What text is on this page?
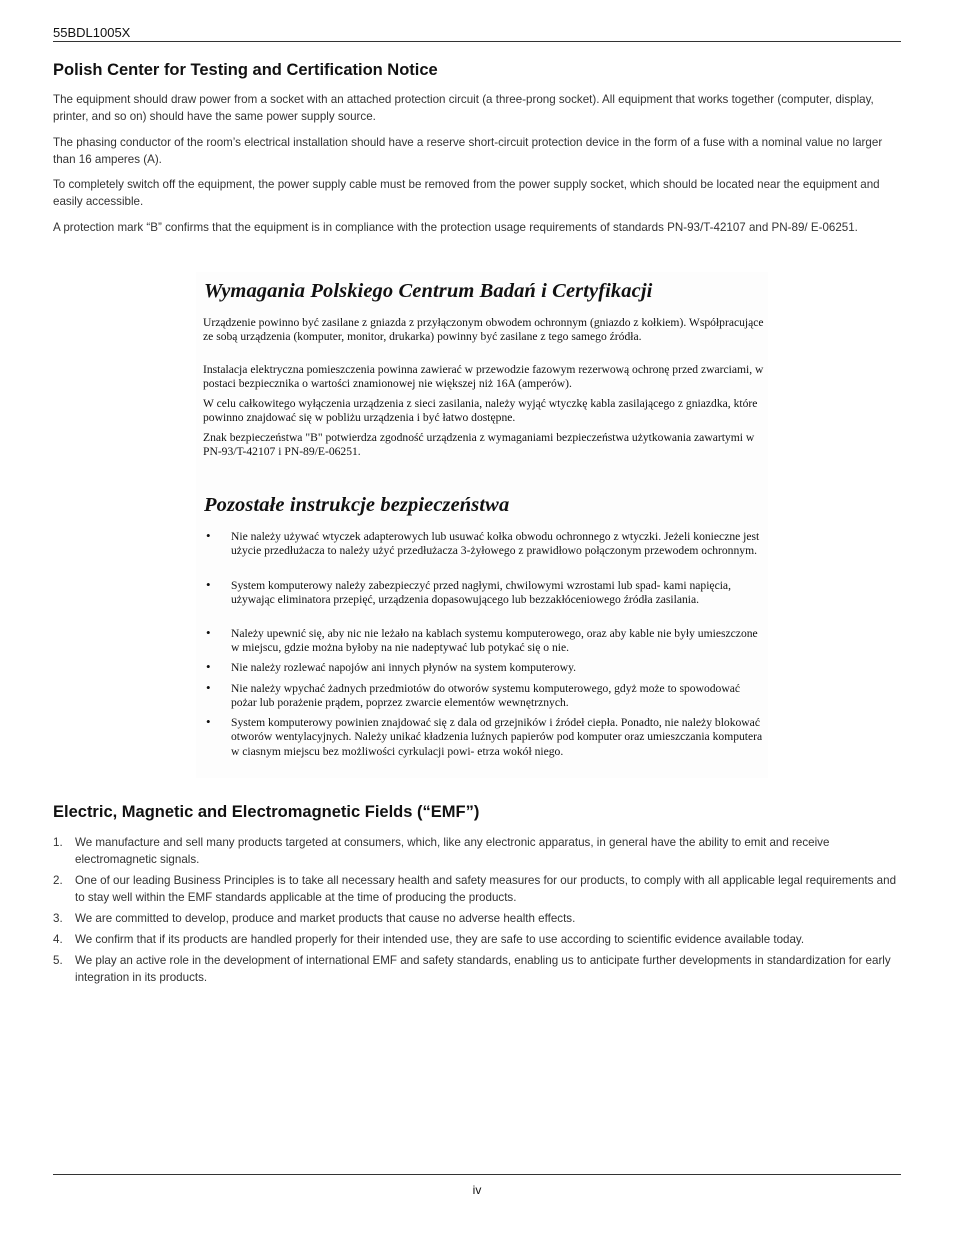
55BDL1005X
Polish Center for Testing and Certification Notice
The equipment should draw power from a socket with an attached protection circuit (a three-prong socket). All equipment that works together (computer, display, printer, and so on) should have the same power supply source.
The phasing conductor of the room’s electrical installation should have a reserve short-circuit protection device in the form of a fuse with a nominal value no larger than 16 amperes (A).
To completely switch off the equipment, the power supply cable must be removed from the power supply socket, which should be located near the equipment and easily accessible.
A protection mark “B” confirms that the equipment is in compliance with the protection usage requirements of standards PN-93/T-42107 and PN-89/ E-06251.
Wymagania Polskiego Centrum Badań i Certyfikacji
Urządzenie powinno być zasilane z gniazda z przyłączonym obwodem ochronnym (gniazdo z kołkiem). Współpracujące ze sobą urządzenia (komputer, monitor, drukarka) powinny być zasilane z tego samego źródła.
Instalacja elektryczna pomieszczenia powinna zawierać w przewodzie fazowym rezerwową ochronę przed zwarciami, w postaci bezpiecznika o wartości znamionowej nie większej niż 16A (amperów).
W celu całkowitego wyłączenia urządzenia z sieci zasilania, należy wyjąć wtyczkę kabla zasilającego z gniazdka, które powinno znajdować się w pobliżu urządzenia i być łatwo dostępne.
Znak bezpieczeństwa "B" potwierdza zgodność urządzenia z wymaganiami bezpieczeństwa użytkowania zawartymi w PN-93/T-42107 i PN-89/E-06251.
Pozostałe instrukcje bezpieczeństwa
• Nie należy używać wtyczek adapterowych lub usuwać kołka obwodu ochronnego z wtyczki. Jeżeli konieczne jest użycie przedłużacza to należy użyć przedłużacza 3-żyłowego z prawidłowo połączonym przewodem ochronnym.
• System komputerowy należy zabezpieczyć przed nagłymi, chwilowymi wzrostami lub spad- kami napięcia, używając eliminatora przepięć, urządzenia dopasowującego lub bezzakłóceniowego źródła zasilania.
• Należy upewnić się, aby nic nie leżało na kablach systemu komputerowego, oraz aby kable nie były umieszczone w miejscu, gdzie można byłoby na nie nadeptywać lub potykać się o nie.
• Nie należy rozlewać napojów ani innych płynów na system komputerowy.
• Nie należy wpychać żadnych przedmiotów do otworów systemu komputerowego, gdyż może to spowodować pożar lub porażenie prądem, poprzez zwarcie elementów wewnętrznych.
• System komputerowy powinien znajdować się z dala od grzejników i źródeł ciepła. Ponadto, nie należy blokować otworów wentylacyjnych. Należy unikać kładzenia luźnych papierów pod komputer oraz umieszczania komputera w ciasnym miejscu bez możliwości cyrkulacji powi- etrza wokół niego.
Electric, Magnetic and Electromagnetic Fields (“EMF”)
1. We manufacture and sell many products targeted at consumers, which, like any electronic apparatus, in general have the ability to emit and receive electromagnetic signals.
2. One of our leading Business Principles is to take all necessary health and safety measures for our products, to comply with all applicable legal requirements and to stay well within the EMF standards applicable at the time of producing the products.
3. We are committed to develop, produce and market products that cause no adverse health effects.
4. We confirm that if its products are handled properly for their intended use, they are safe to use according to scientific evidence available today.
5. We play an active role in the development of international EMF and safety standards, enabling us to anticipate further developments in standardization for early integration in its products.
iv
